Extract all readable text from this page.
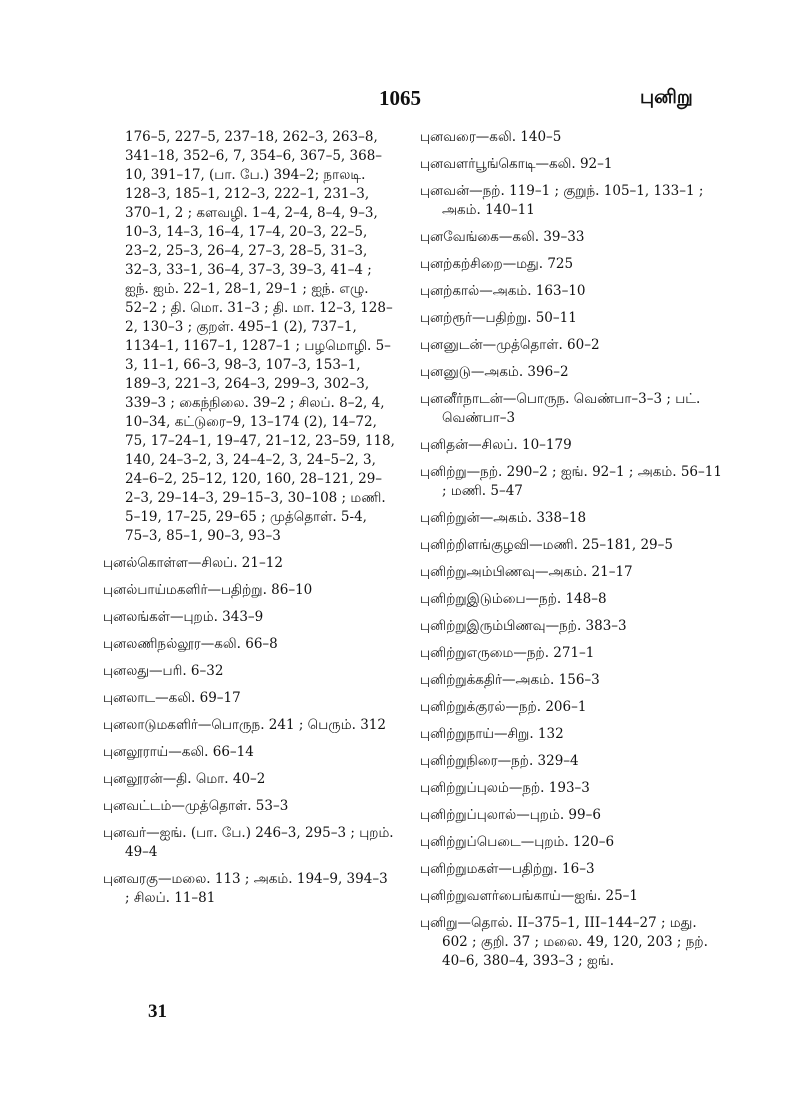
1065	புனிறு
176–5, 227–5, 237–18, 262–3, 263–8, 341–18, 352–6, 7, 354–6, 367–5, 368–10, 391–17, (பா. பே.) 394–2; நாலடி. 128–3, 185–1, 212–3, 222–1, 231–3, 370–1, 2 ; களவழி. 1–4, 2–4, 8–4, 9–3, 10–3, 14–3, 16–4, 17–4, 20–3, 22–5, 23–2, 25–3, 26–4, 27–3, 28–5, 31–3, 32–3, 33–1, 36–4, 37–3, 39–3, 41–4 ; ஐந். ஐம். 22–1, 28–1, 29–1 ; ஐந். எழு. 52–2 ; தி. மொ. 31–3 ; தி. மா. 12–3, 128–2, 130–3 ; குறள். 495–1 (2), 737–1, 1134–1, 1167–1, 1287–1 ; பழமொழி. 5–3, 11–1, 66–3, 98–3, 107–3, 153–1, 189–3, 221–3, 264–3, 299–3, 302–3, 339–3 ; கைந்நிலை. 39–2 ; சிலப். 8–2, 4, 10–34, கட்டுரை–9, 13–174 (2), 14–72, 75, 17–24–1, 19–47, 21–12, 23–59, 118, 140, 24–3–2, 3, 24–4–2, 3, 24–5–2, 3, 24–6–2, 25–12, 120, 160, 28–121, 29–2–3, 29–14–3, 29–15–3, 30–108 ; மணி. 5–19, 17–25, 29–65 ; முத்தொள். 5-4, 75–3, 85–1, 90–3, 93–3
புனல்கொள்ள—சிலப். 21–12
புனல்பாய்மகளிர்—பதிற்று. 86–10
புனலங்கள்—புறம். 343–9
புனலணிநல்லூர—கலி. 66–8
புனலது—பரி. 6–32
புனலாட—கலி. 69–17
புனலாடுமகளிர்—பொருந. 241 ; பெரும். 312
புனலூராய்—கலி. 66–14
புனலூரன்—தி. மொ. 40–2
புனவட்டம்—முத்தொள். 53–3
புனவர்—ஐங். (பா. பே.) 246–3, 295–3 ; புறம். 49–4
புனவரகு—மலை. 113 ; அகம். 194–9, 394–3 ; சிலப். 11–81
புனவரை—கலி. 140–5
புனவளர்பூங்கொடி—கலி. 92–1
புனவன்—நற். 119–1 ; குறுந். 105–1, 133–1 ; அகம். 140–11
புனவேங்கை—கலி. 39–33
புனற்கற்சிறை—மது. 725
புனற்கால்—அகம். 163–10
புனற்ரூர்—பதிற்று. 50–11
புனனுடன்—முத்தொள். 60–2
புனனுடு—அகம். 396–2
புனனீர்நாடன்—பொருந. வெண்பா–3–3 ; பட். வெண்பா–3
புனிதன்—சிலப். 10–179
புனிற்று—நற். 290–2 ; ஐங். 92–1 ; அகம். 56–11 ; மணி. 5–47
புனிற்றுன்—அகம். 338–18
புனிற்றிளங்குழவி—மணி. 25–181, 29–5
புனிற்றுஅம்பிணவு—அகம். 21–17
புனிற்றுஇடும்பை—நற். 148–8
புனிற்றுஇரும்பிணவு—நற். 383–3
புனிற்றுஎருமை—நற். 271–1
புனிற்றுக்கதிர்—அகம். 156–3
புனிற்றுக்குரல்—நற். 206–1
புனிற்றுநாய்—சிறு. 132
புனிற்றுநிரை—நற். 329–4
புனிற்றுப்புலம்—நற். 193–3
புனிற்றுப்புலால்—புறம். 99–6
புனிற்றுப்பெடை—புறம். 120–6
புனிற்றுமகள்—பதிற்று. 16–3
புனிற்றுவளர்பைங்காய்—ஐங். 25–1
புனிறு—தொல். II–375–1, III–144–27 ; மது. 602 ; குறி. 37 ; மலை. 49, 120, 203 ; நற். 40–6, 380–4, 393–3 ; ஐங்.
31
